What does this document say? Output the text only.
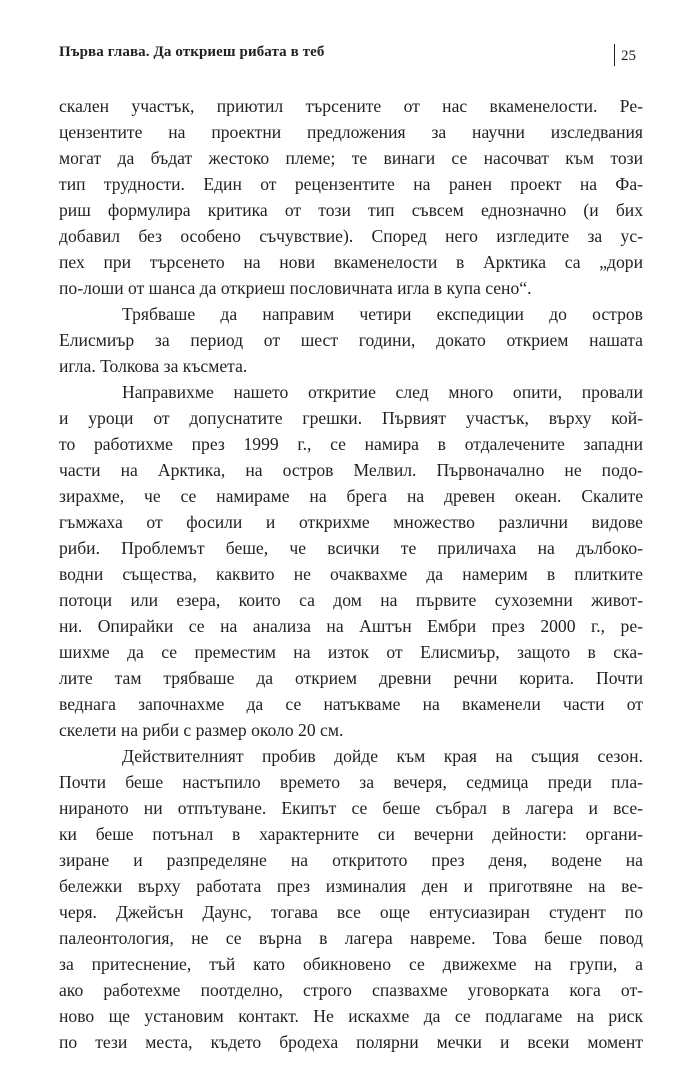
Първа глава. Да откриеш рибата в теб	25
скален участък, приютил търсените от нас вкаменелости. Ре-
цензентите на проектни предложения за научни изследвания
могат да бъдат жестоко племе; те винаги се насочват към този
тип трудности. Един от рецензентите на ранен проект на Фа-
риш формулира критика от този тип съвсем еднозначно (и бих
добавил без особено съчувствие). Според него изгледите за ус-
пех при търсенето на нови вкаменелости в Арктика са „дори
по-лоши от шанса да откриеш пословичната игла в купа сено“.
Трябваше да направим четири експедиции до остров
Елисмиър за период от шест години, докато открием нашата
игла. Толкова за късмета.
Направихме нашето откритие след много опити, провали
и уроци от допуснатите грешки. Първият участък, върху кой-
то работихме през 1999 г., се намира в отдалечените западни
части на Арктика, на остров Мелвил. Първоначално не подо-
зирахме, че се намираме на брега на древен океан. Скалите
гъмжаха от фосили и открихме множество различни видове
риби. Проблемът беше, че всички те приличаха на дълбоко-
водни същества, каквито не очаквахме да намерим в плитките
потоци или езера, които са дом на първите сухоземни живот-
ни. Опирайки се на анализа на Аштън Ембри през 2000 г., ре-
шихме да се преместим на изток от Елисмиър, защото в ска-
лите там трябваше да открием древни речни корита. Почти
веднага започнахме да се натъкваме на вкаменели части от
скелети на риби с размер около 20 см.
Действителният пробив дойде към края на същия сезон.
Почти беше настъпило времето за вечеря, седмица преди пла-
нираното ни отпътуване. Екипът се беше събрал в лагера и все-
ки беше потънал в характерните си вечерни дейности: органи-
зиране и разпределяне на откритото през деня, водене на
бележки върху работата през изминалия ден и приготвяне на ве-
черя. Джейсън Даунс, тогава все още ентусиазиран студент по
палеонтология, не се върна в лагера навреме. Това беше повод
за притеснение, тъй като обикновено се движехме на групи, а
ако работехме поотделно, строго спазвахме уговорката кога от-
ново ще установим контакт. Не искахме да се подлагаме на риск
по тези места, където бродеха полярни мечки и всеки момент
